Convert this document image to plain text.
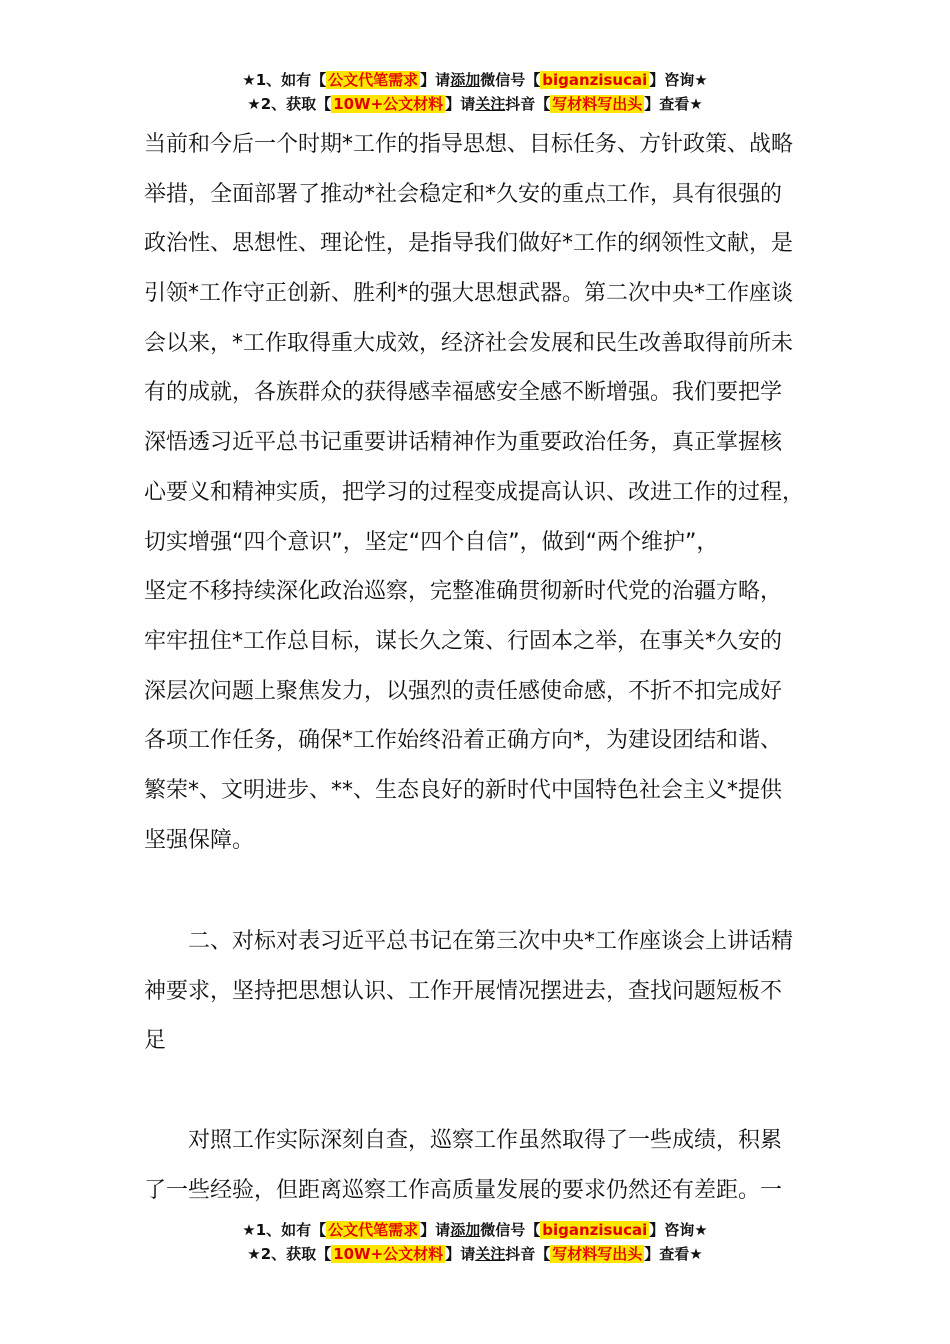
★1、如有【 公文代笔需求 】请添加微信号【 biganzisucai 】咨询★
★2、获取【 10W+公文材料 】请关注抖音【 写材料写出头 】查看★
当前和今后一个时期*工作的指导思想、目标任务、方针政策、战略
举措，全面部署了推动*社会稳定和*久安的重点工作，具有很强的
政治性、思想性、理论性，是指导我们做好*工作的纲领性文献，是
引领*工作守正创新、胜利*的强大思想武器。第二次中央*工作座谈
会以来，*工作取得重大成效，经济社会发展和民生改善取得前所未
有的成就，各族群众的获得感幸福感安全感不断增强。我们要把学
深悟透习近平总书记重要讲话精神作为重要政治任务，真正掌握核
心要义和精神实质，把学习的过程变成提高认识、改进工作的过程，
切实增强“四个意识”，坚定“四个自信”，做到“两个维护”，
坚定不移持续深化政治巡察，完整准确贯彻新时代党的治疆方略，
牢牢扭住*工作总目标，谋长久之策、行固本之举，在事关*久安的
深层次问题上聚焦发力，以强烈的责任感使命感，不折不扣完成好
各项工作任务，确保*工作始终沿着正确方向*，为建设团结和谐、
繁荣*、文明进步、**、生态良好的新时代中国特色社会主义*提供
坚强保障。
二、对标对表习近平总书记在第三次中央*工作座谈会上讲话精
神要求，坚持把思想认识、工作开展情况摆进去，查找问题短板不
足
对照工作实际深刻自查，巡察工作虽然取得了一些成绩，积累
了一些经验，但距离巡察工作高质量发展的要求仍然还有差距。一
★1、如有【 公文代笔需求 】请添加微信号【 biganzisucai 】咨询★
★2、获取【 10W+公文材料 】请关注抖音【 写材料写出头 】查看★
